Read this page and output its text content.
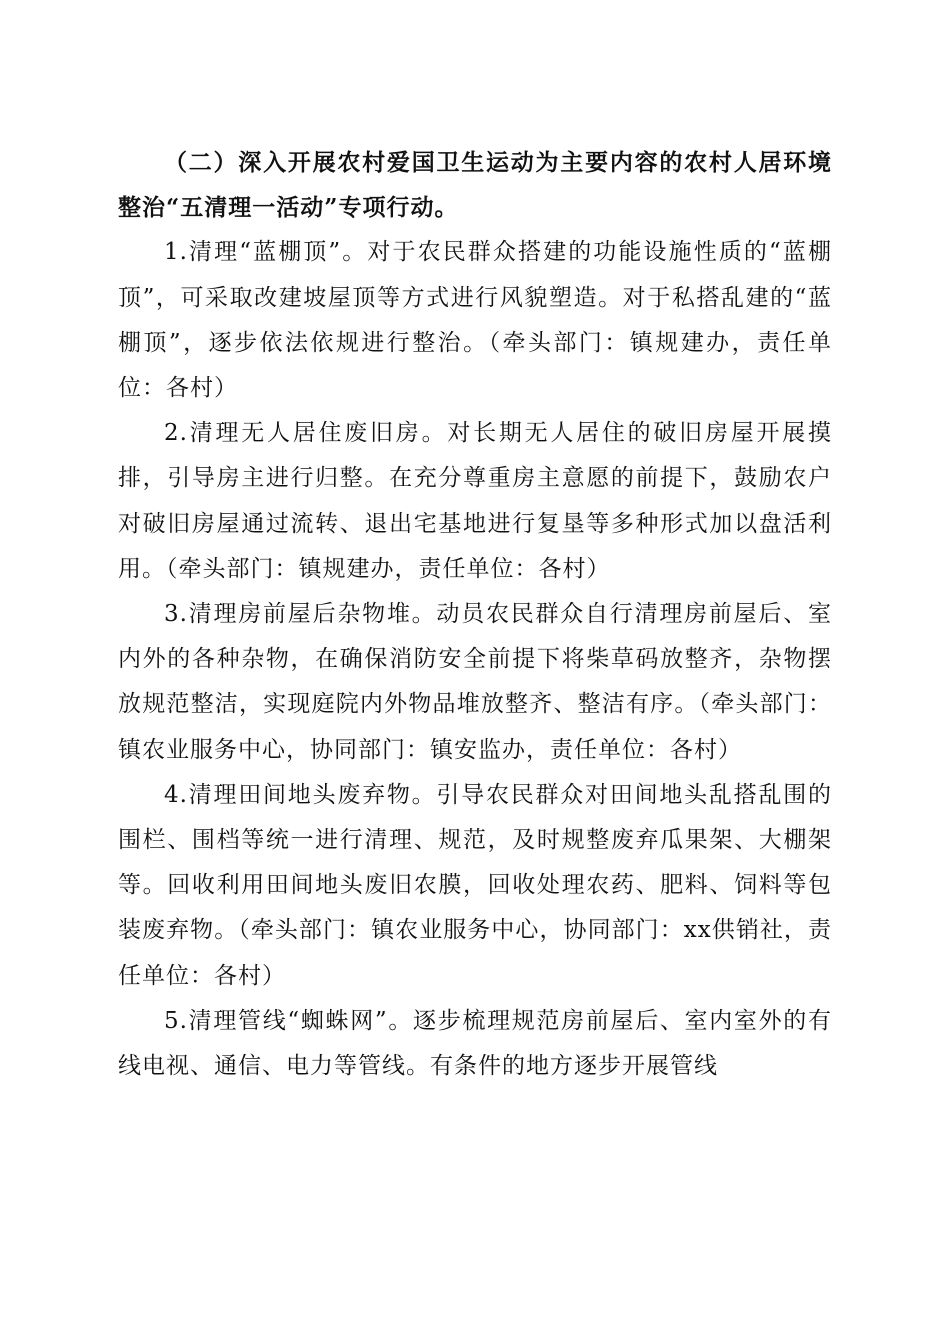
（二）深入开展农村爱国卫生运动为主要内容的农村人居环境整治“五清理一活动”专项行动。

1.清理“蓝棚顶”。对于农民群众搭建的功能设施性质的“蓝棚顶”，可采取改建坡屋顶等方式进行风貌塑造。对于私搭乱建的“蓝棚顶”，逐步依法依规进行整治。（牵头部门：镇规建办，责任单位：各村）

2.清理无人居住废旧房。对长期无人居住的破旧房屋开展摸排，引导房主进行归整。在充分尊重房主意愿的前提下，鼓励农户对破旧房屋通过流转、退出宅基地进行复垦等多种形式加以盘活利用。（牵头部门：镇规建办，责任单位：各村）

3.清理房前屋后杂物堆。动员农民群众自行清理房前屋后、室内外的各种杂物，在确保消防安全前提下将柴草码放整齐，杂物摆放规范整洁，实现庭院内外物品堆放整齐、整洁有序。（牵头部门：镇农业服务中心，协同部门：镇安监办，责任单位：各村）

4.清理田间地头废弃物。引导农民群众对田间地头乱搭乱围的围栏、围档等统一进行清理、规范，及时规整废弃瓜果架、大棚架等。回收利用田间地头废旧农膜，回收处理农药、肥料、饲料等包装废弃物。（牵头部门：镇农业服务中心，协同部门：xx供销社，责任单位：各村）

5.清理管线“蜘蛛网”。逐步梳理规范房前屋后、室内室外的有线电视、通信、电力等管线。有条件的地方逐步开展管线
